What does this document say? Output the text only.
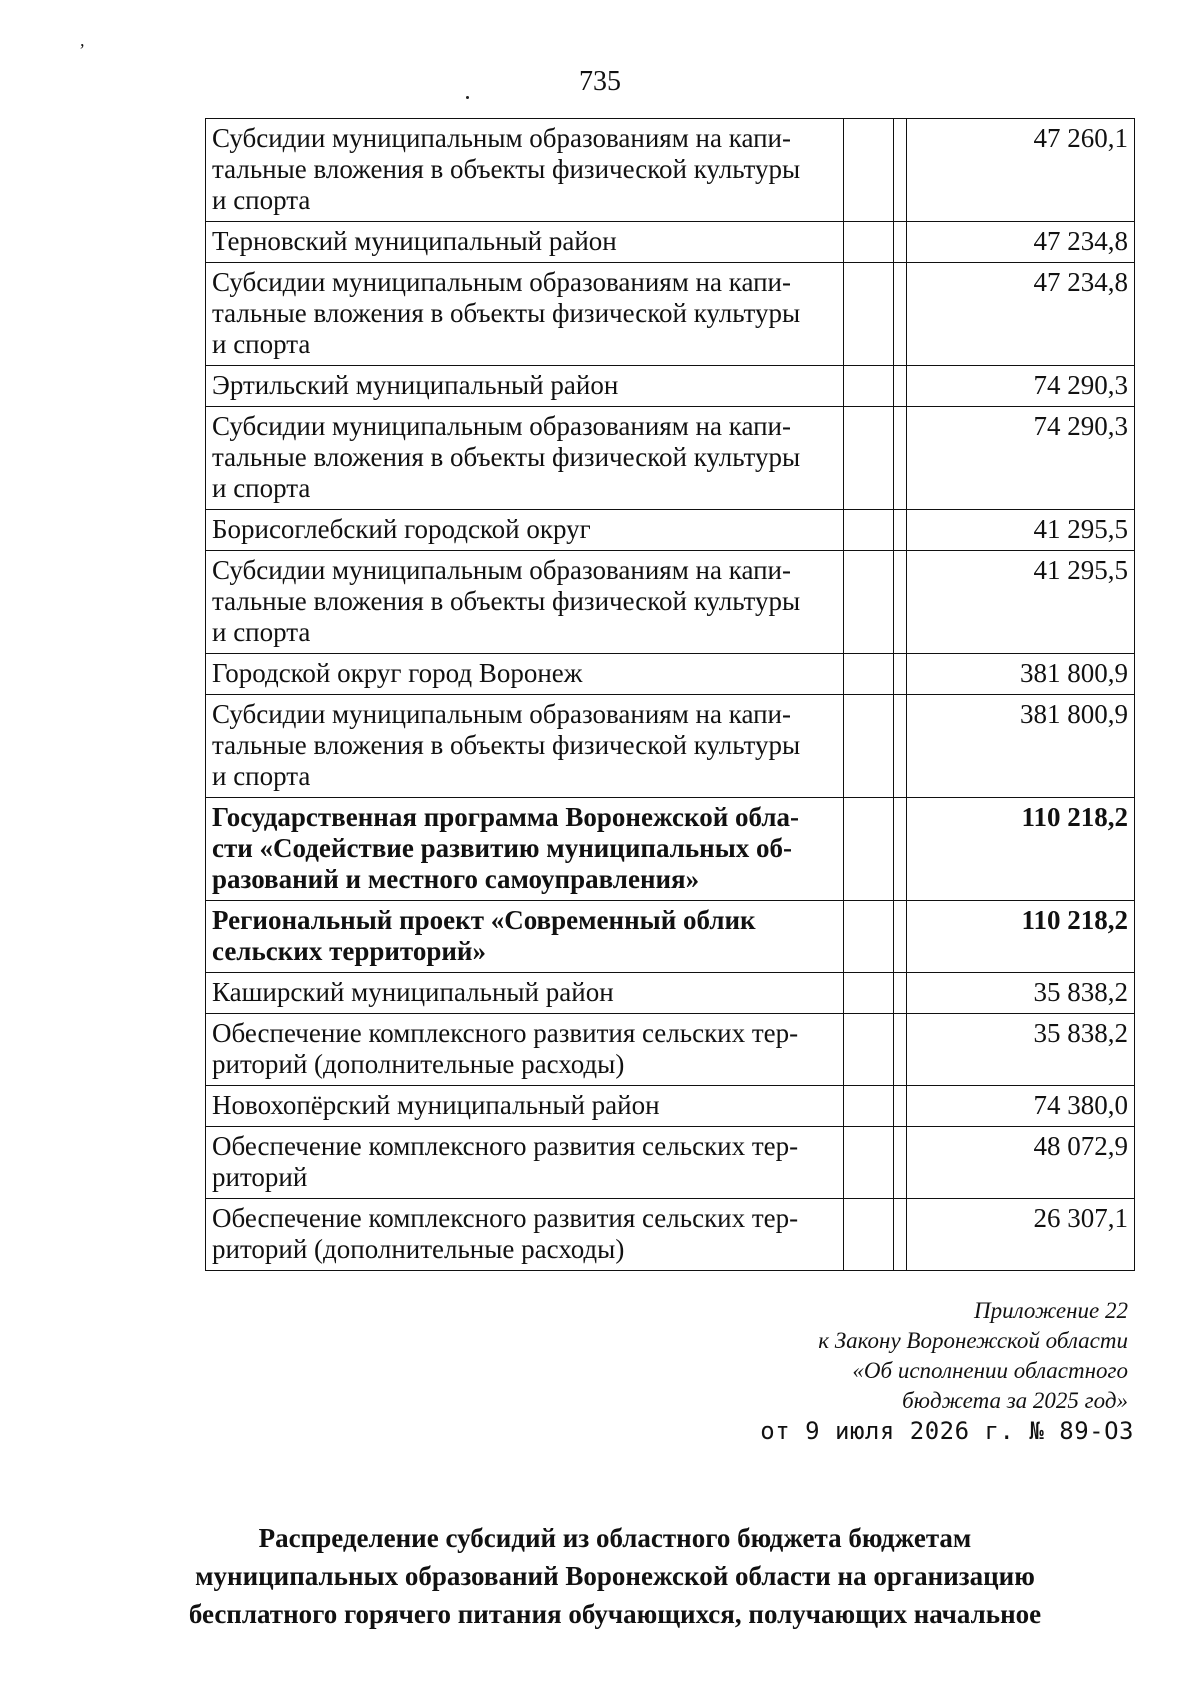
,
735
Субсидии муниципальным образованиям на капи-
тальные вложения в объекты физической культуры
и спорта			47 260,1

Терновский муниципальный район			47 234,8

Субсидии муниципальным образованиям на капи-
тальные вложения в объекты физической культуры
и спорта			47 234,8

Эртильский муниципальный район			74 290,3

Субсидии муниципальным образованиям на капи-
тальные вложения в объекты физической культуры
и спорта			74 290,3

Борисоглебский городской округ			41 295,5

Субсидии муниципальным образованиям на капи-
тальные вложения в объекты физической культуры
и спорта			41 295,5

Городской округ город Воронеж			381 800,9

Субсидии муниципальным образованиям на капи-
тальные вложения в объекты физической культуры
и спорта			381 800,9

Государственная программа Воронежской обла-
сти «Содействие развитию муниципальных об-
разований и местного самоуправления»			110 218,2

Региональный проект «Современный облик
сельских территорий»			110 218,2

Каширский муниципальный район			35 838,2

Обеспечение комплексного развития сельских тер-
риторий (дополнительные расходы)			35 838,2

Новохопёрский муниципальный район			74 380,0

Обеспечение комплексного развития сельских тер-
риторий			48 072,9

Обеспечение комплексного развития сельских тер-
риторий (дополнительные расходы)			26 307,1
Приложение 22
к Закону Воронежской области
«Об исполнении областного
бюджета за 2025 год»
от 9 июля 2026 г. № 89-ОЗ
Распределение субсидий из областного бюджета бюджетам
муниципальных образований Воронежской области на организацию
бесплатного горячего питания обучающихся, получающих начальное
